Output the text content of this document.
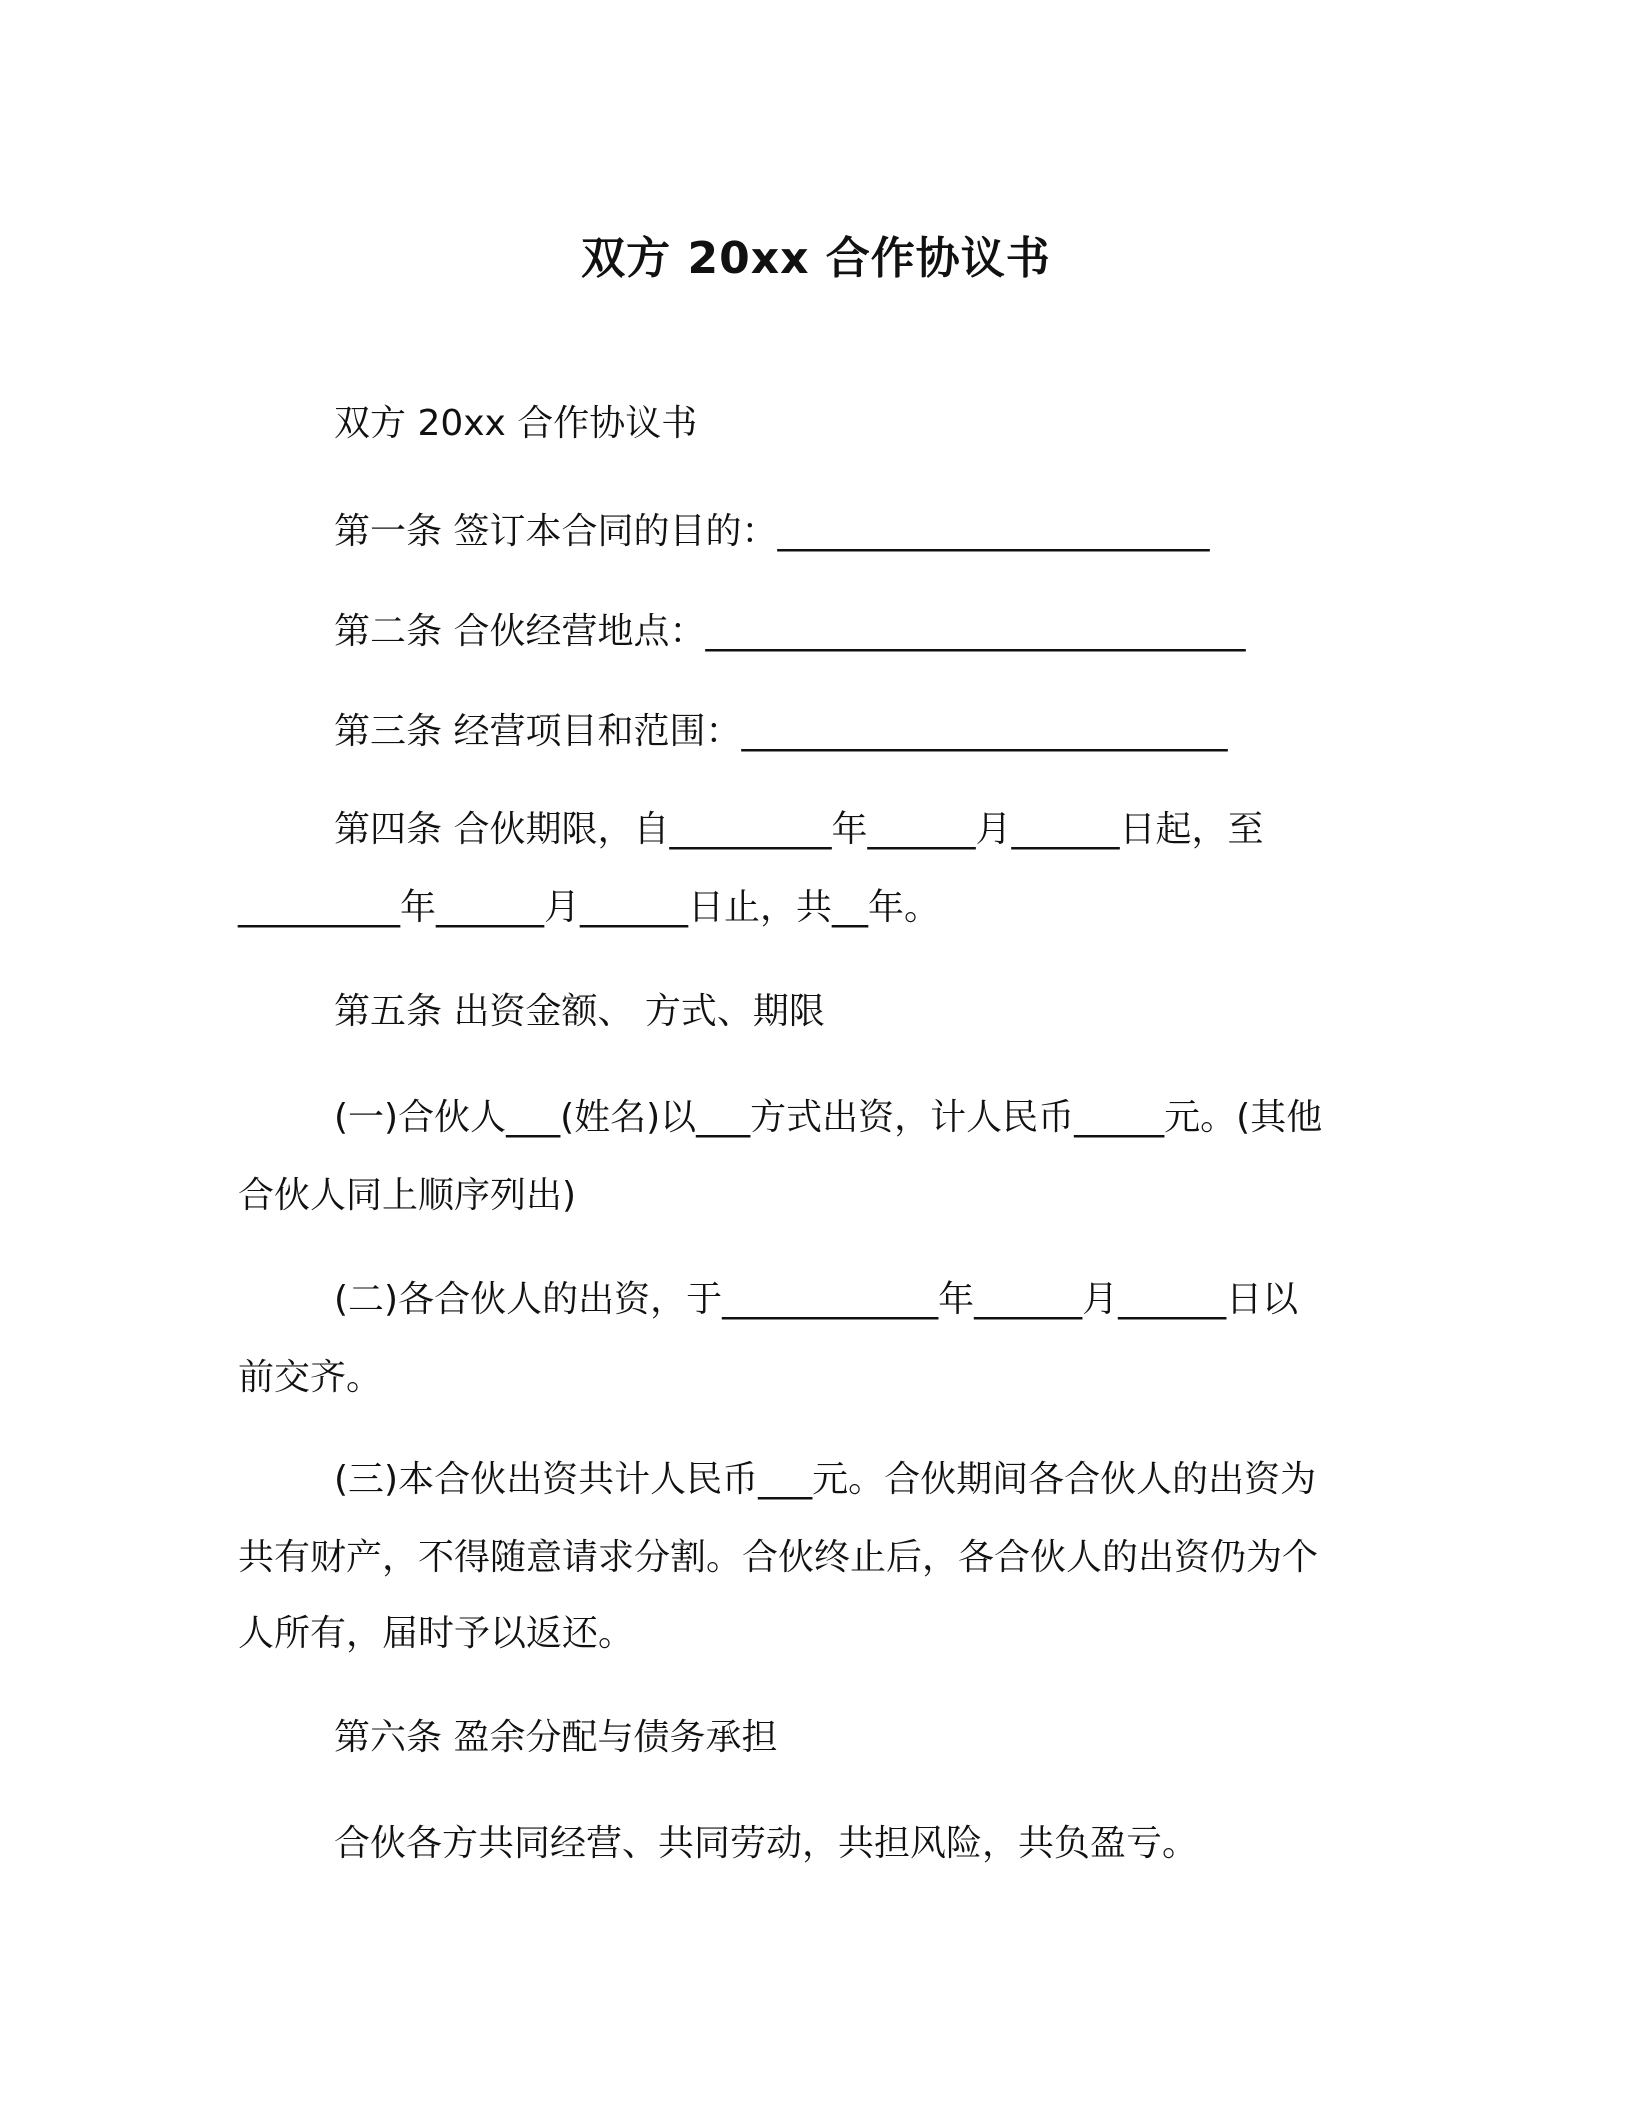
双方 20xx 合作协议书
双方 20xx 合作协议书
第一条 签订本合同的目的：________________________
第二条 合伙经营地点：______________________________
第三条 经营项目和范围：___________________________
第四条 合伙期限，自_________年______月______日起，至
_________年______月______日止，共__年。
第五条 出资金额、 方式、期限
(一)合伙人___(姓名)以___方式出资，计人民币_____元。(其他
合伙人同上顺序列出)
(二)各合伙人的出资，于____________年______月______日以
前交齐。
(三)本合伙出资共计人民币___元。合伙期间各合伙人的出资为
共有财产，不得随意请求分割。合伙终止后，各合伙人的出资仍为个
人所有，届时予以返还。
第六条 盈余分配与债务承担
合伙各方共同经营、共同劳动，共担风险，共负盈亏。
